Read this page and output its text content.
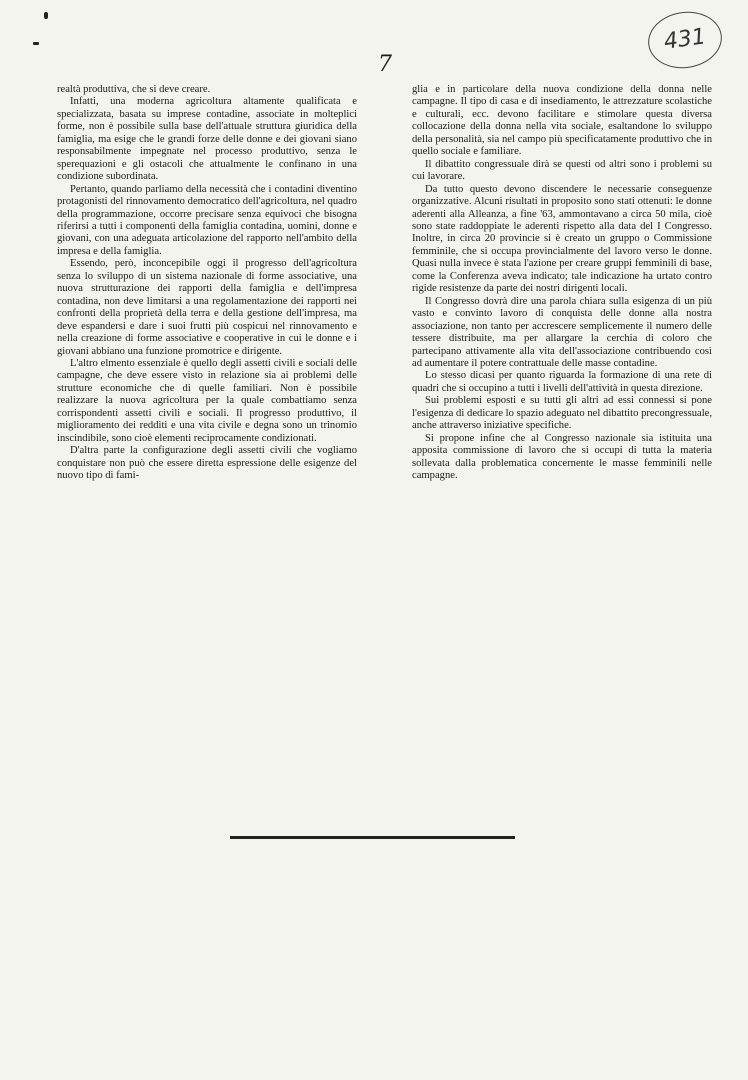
7
431

realtà produttiva, che si deve creare.

Infatti, una moderna agricoltura altamente qualificata e specializzata, basata su imprese contadine, associate in molteplici forme, non è possibile sulla base dell'attuale struttura giuridica della famiglia, ma esige che le grandi forze delle donne e dei giovani siano responsabilmente impegnate nel processo produttivo, senza le sperequazioni e gli ostacoli che attualmente le confinano in una condizione subordinata.

Pertanto, quando parliamo della necessità che i contadini diventino protagonisti del rinnovamento democratico dell'agricoltura, nel quadro della programmazione, occorre precisare senza equivoci che bisogna riferirsi a tutti i componenti della famiglia contadina, uomini, donne e giovani, con una adeguata articolazione del rapporto nell'ambito della impresa e della famiglia.

Essendo, però, inconcepibile oggi il progresso dell'agricoltura senza lo sviluppo di un sistema nazionale di forme associative, una nuova strutturazione dei rapporti della famiglia e dell'impresa contadina, non deve limitarsi a una regolamentazione dei rapporti nei confronti della proprietà della terra e della gestione dell'impresa, ma deve espandersi e dare i suoi frutti più cospicui nel rinnovamento e nella creazione di forme associative e cooperative in cui le donne e i giovani abbiano una funzione promotrice e dirigente.

L'altro elmento essenziale è quello degli assetti civili e sociali delle campagne, che deve essere visto in relazione sia ai problemi delle strutture economiche che di quelle familiari. Non è possibile realizzare la nuova agricoltura per la quale combattiamo senza corrispondenti assetti civili e sociali. Il progresso produttivo, il miglioramento dei redditi e una vita civile e degna sono un trinomio inscindibile, sono cioè elementi reciprocamente condizionati.

D'altra parte la configurazione degli assetti civili che vogliamo conquistare non può che essere diretta espressione delle esigenze del nuovo tipo di fami-

glia e in particolare della nuova condizione della donna nelle campagne. Il tipo di casa e di insediamento, le attrezzature scolastiche e culturali, ecc. devono facilitare e stimolare questa diversa collocazione della donna nella vita sociale, esaltandone lo sviluppo della personalità, sia nel campo più specificatamente produttivo che in quello sociale e familiare.

Il dibattito congressuale dirà se questi od altri sono i problemi su cui lavorare.

Da tutto questo devono discendere le necessarie conseguenze organizzative. Alcuni risultati in proposito sono stati ottenuti: le donne aderenti alla Alleanza, a fine '63, ammontavano a circa 50 mila, cioè sono state raddoppiate le aderenti rispetto alla data del I Congresso. Inoltre, in circa 20 provincie si è creato un gruppo o Commissione femminile, che si occupa provincialmente del lavoro verso le donne. Quasi nulla invece è stata l'azione per creare gruppi femminili di base, come la Conferenza aveva indicato; tale indicazione ha urtato contro rigide resistenze da parte dei nostri dirigenti locali.

Il Congresso dovrà dire una parola chiara sulla esigenza di un più vasto e convinto lavoro di conquista delle donne alla nostra associazione, non tanto per accrescere semplicemente il numero delle tessere distribuite, ma per allargare la cerchia di coloro che partecipano attivamente alla vita dell'associazione contribuendo così ad aumentare il potere contrattuale delle masse contadine.

Lo stesso dicasi per quanto riguarda la formazione di una rete di quadri che si occupino a tutti i livelli dell'attività in questa direzione.

Sui problemi esposti e su tutti gli altri ad essi connessi si pone l'esigenza di dedicare lo spazio adeguato nel dibattito precongressuale, anche attraverso iniziative specifiche.

Si propone infine che al Congresso nazionale sia istituita una apposita commissione di lavoro che si occupi di tutta la materia sollevata dalla problematica concernente le masse femminili nelle campagne.
